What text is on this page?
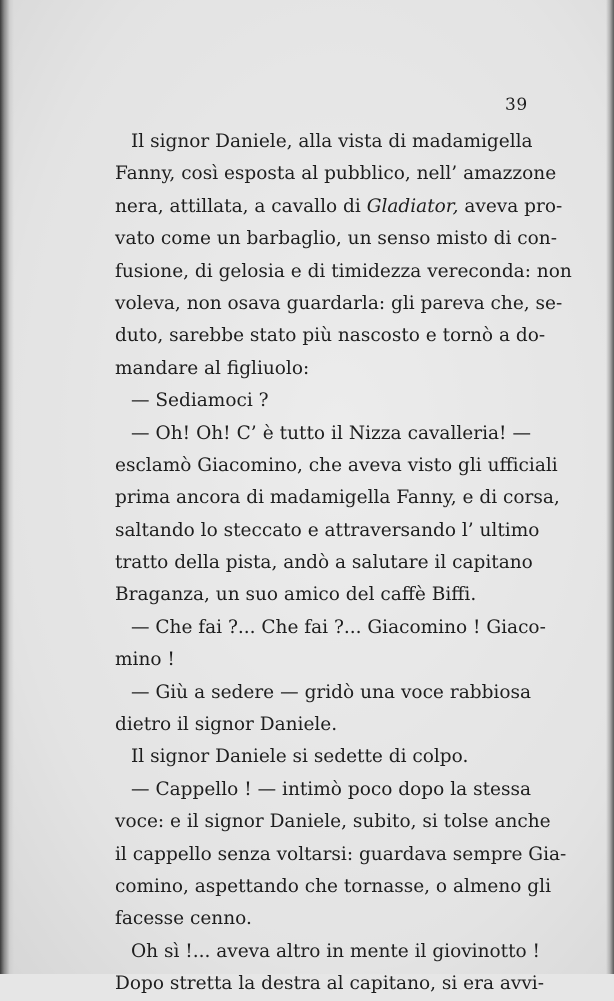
39
Il signor Daniele, alla vista di madamigella
Fanny, così esposta al pubblico, nell’ amazzone
nera, attillata, a cavallo di Gladiator, aveva pro-
vato come un barbaglio, un senso misto di con-
fusione, di gelosia e di timidezza vereconda: non
voleva, non osava guardarla: gli pareva che, se-
duto, sarebbe stato più nascosto e tornò a do-
mandare al figliuolo:
— Sediamoci ?
— Oh! Oh! C’ è tutto il Nizza cavalleria! —
esclamò Giacomino, che aveva visto gli ufficiali
prima ancora di madamigella Fanny, e di corsa,
saltando lo steccato e attraversando l’ ultimo
tratto della pista, andò a salutare il capitano
Braganza, un suo amico del caffè Biffi.
— Che fai ?... Che fai ?... Giacomino ! Giaco-
mino !
— Giù a sedere — gridò una voce rabbiosa
dietro il signor Daniele.
Il signor Daniele si sedette di colpo.
— Cappello ! — intimò poco dopo la stessa
voce: e il signor Daniele, subito, si tolse anche
il cappello senza voltarsi: guardava sempre Gia-
comino, aspettando che tornasse, o almeno gli
facesse cenno.
Oh sì !... aveva altro in mente il giovinotto !
Dopo stretta la destra al capitano, si era avvi-
